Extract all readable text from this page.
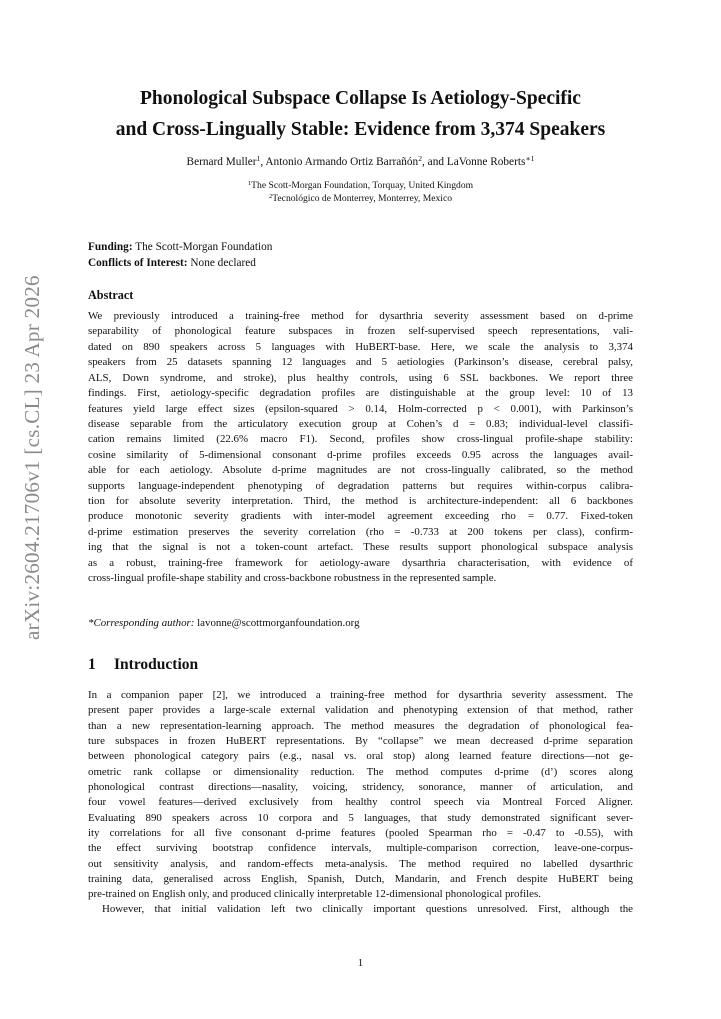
arXiv:2604.21706v1 [cs.CL] 23 Apr 2026
Phonological Subspace Collapse Is Aetiology-Specific
and Cross-Lingually Stable: Evidence from 3,374 Speakers
Bernard Muller$^1$, Antonio Armando Ortiz Barrañón$^2$, and LaVonne Roberts$^{∗1}$
$^1$The Scott-Morgan Foundation, Torquay, United Kingdom
$^2$Tecnológico de Monterrey, Monterrey, Mexico
Funding: The Scott-Morgan Foundation
Conflicts of Interest: None declared
Abstract
We previously introduced a training-free method for dysarthria severity assessment based on d-prime
separability of phonological feature subspaces in frozen self-supervised speech representations, vali-
dated on 890 speakers across 5 languages with HuBERT-base. Here, we scale the analysis to 3,374
speakers from 25 datasets spanning 12 languages and 5 aetiologies (Parkinson’s disease, cerebral palsy,
ALS, Down syndrome, and stroke), plus healthy controls, using 6 SSL backbones. We report three
findings. First, aetiology-specific degradation profiles are distinguishable at the group level: 10 of 13
features yield large effect sizes (epsilon-squared > 0.14, Holm-corrected p < 0.001), with Parkinson’s
disease separable from the articulatory execution group at Cohen’s d = 0.83; individual-level classifi-
cation remains limited (22.6% macro F1). Second, profiles show cross-lingual profile-shape stability:
cosine similarity of 5-dimensional consonant d-prime profiles exceeds 0.95 across the languages avail-
able for each aetiology. Absolute d-prime magnitudes are not cross-lingually calibrated, so the method
supports language-independent phenotyping of degradation patterns but requires within-corpus calibra-
tion for absolute severity interpretation. Third, the method is architecture-independent: all 6 backbones
produce monotonic severity gradients with inter-model agreement exceeding rho = 0.77. Fixed-token
d-prime estimation preserves the severity correlation (rho = -0.733 at 200 tokens per class), confirm-
ing that the signal is not a token-count artefact. These results support phonological subspace analysis
as a robust, training-free framework for aetiology-aware dysarthria characterisation, with evidence of
cross-lingual profile-shape stability and cross-backbone robustness in the represented sample.
*Corresponding author: lavonne@scottmorganfoundation.org
1 Introduction
In a companion paper [2], we introduced a training-free method for dysarthria severity assessment. The
present paper provides a large-scale external validation and phenotyping extension of that method, rather
than a new representation-learning approach. The method measures the degradation of phonological fea-
ture subspaces in frozen HuBERT representations. By “collapse” we mean decreased d-prime separation
between phonological category pairs (e.g., nasal vs. oral stop) along learned feature directions—not ge-
ometric rank collapse or dimensionality reduction. The method computes d-prime (d’) scores along
phonological contrast directions—nasality, voicing, stridency, sonorance, manner of articulation, and
four vowel features—derived exclusively from healthy control speech via Montreal Forced Aligner.
Evaluating 890 speakers across 10 corpora and 5 languages, that study demonstrated significant sever-
ity correlations for all five consonant d-prime features (pooled Spearman rho = -0.47 to -0.55), with
the effect surviving bootstrap confidence intervals, multiple-comparison correction, leave-one-corpus-
out sensitivity analysis, and random-effects meta-analysis. The method required no labelled dysarthric
training data, generalised across English, Spanish, Dutch, Mandarin, and French despite HuBERT being
pre-trained on English only, and produced clinically interpretable 12-dimensional phonological profiles.
However, that initial validation left two clinically important questions unresolved. First, although the
1
